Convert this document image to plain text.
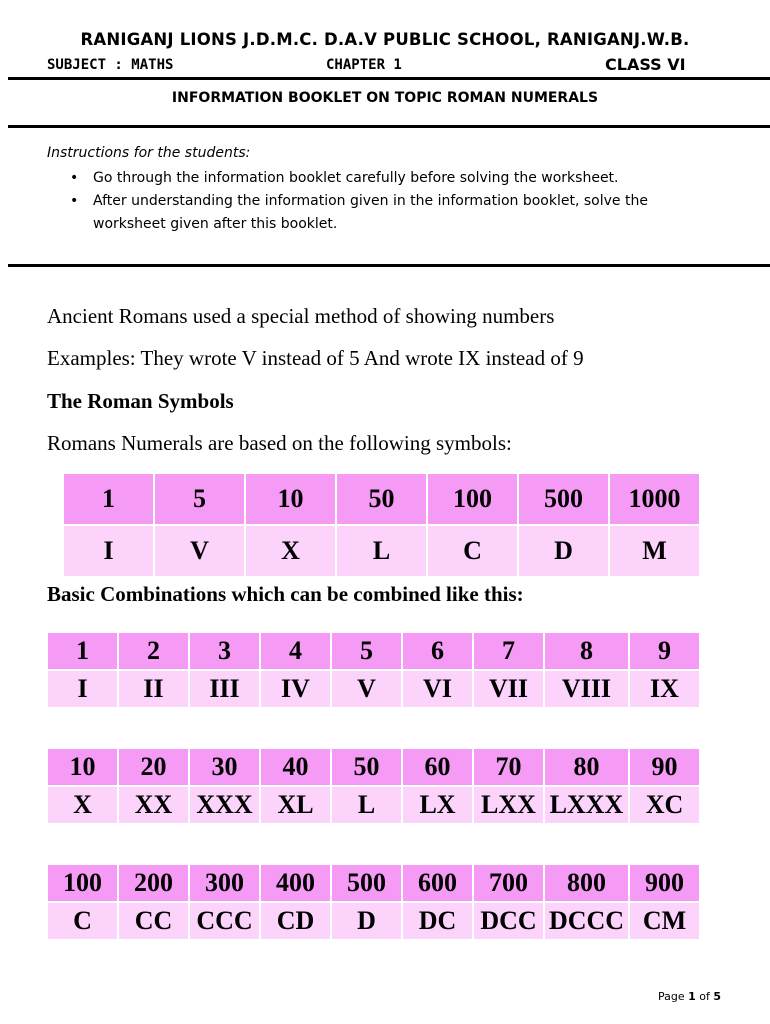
RANIGANJ LIONS J.D.M.C. D.A.V PUBLIC SCHOOL, RANIGANJ.W.B.
SUBJECT : MATHS	CHAPTER 1	CLASS VI
INFORMATION BOOKLET ON TOPIC ROMAN NUMERALS
Instructions for the students:
• Go through the information booklet carefully before solving the worksheet.
• After understanding the information given in the information booklet, solve the worksheet given after this booklet.
Ancient Romans used a special method of showing numbers
Examples: They wrote V instead of 5 And wrote IX instead of 9
The Roman Symbols
Romans Numerals are based on the following symbols:
1	5	10	50	100	500	1000
I	V	X	L	C	D	M
Basic Combinations which can be combined like this:
1	2	3	4	5	6	7	8	9
I	II	III	IV	V	VI	VII	VIII	IX
10	20	30	40	50	60	70	80	90
X	XX	XXX	XL	L	LX	LXX	LXXX	XC
100	200	300	400	500	600	700	800	900
C	CC	CCC	CD	D	DC	DCC	DCCC	CM
Page 1 of 5
